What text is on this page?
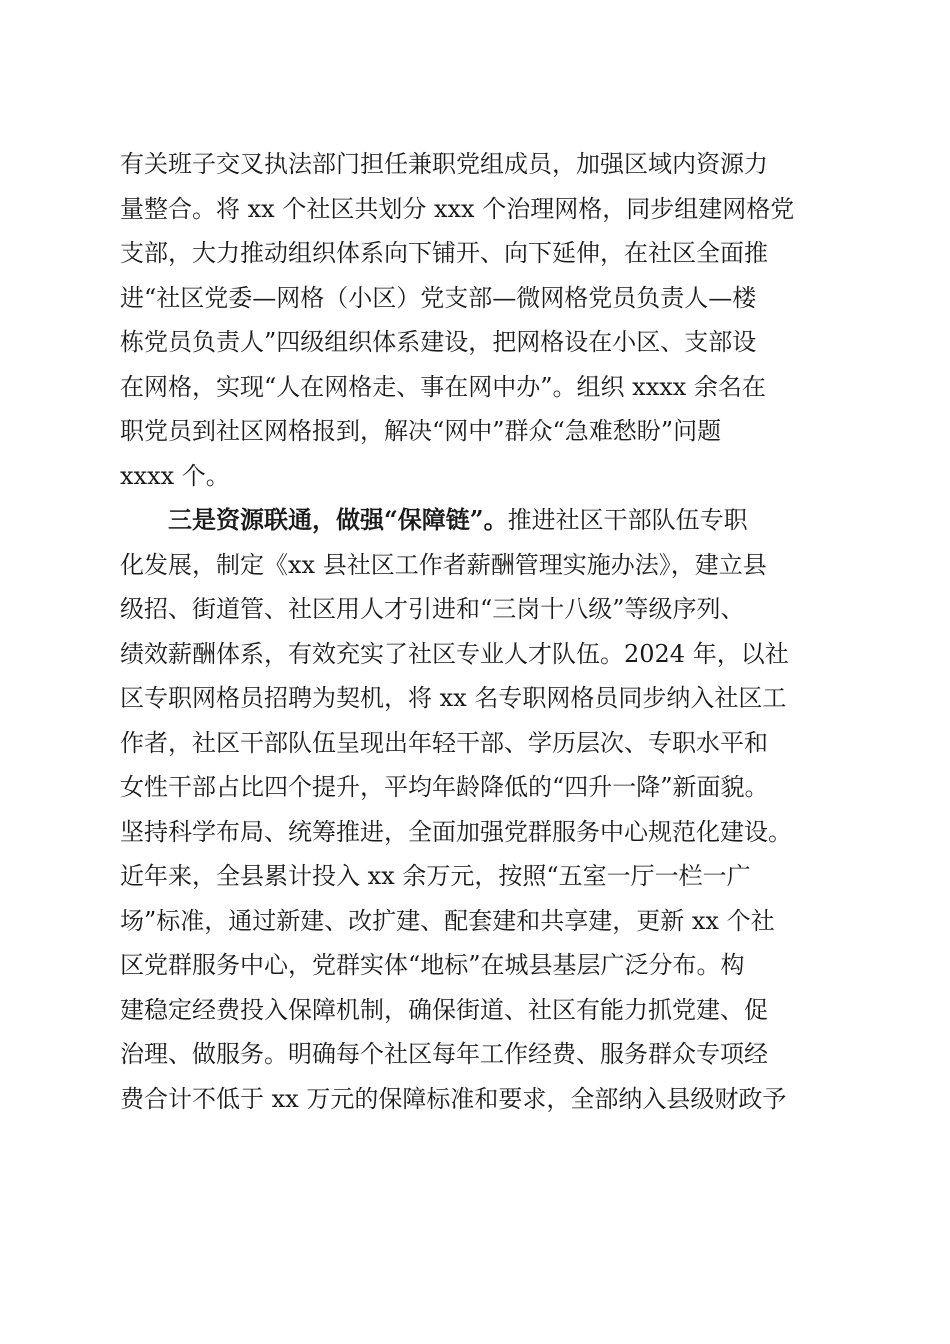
有关班子交叉执法部门担任兼职党组成员，加强区域内资源力
量整合。将 xx 个社区共划分 xxx 个治理网格，同步组建网格党
支部，大力推动组织体系向下铺开、向下延伸，在社区全面推
进“社区党委—网格（小区）党支部—微网格党员负责人—楼
栋党员负责人”四级组织体系建设，把网格设在小区、支部设
在网格，实现“人在网格走、事在网中办”。组织 xxxx 余名在
职党员到社区网格报到，解决“网中”群众“急难愁盼”问题
xxxx 个。
三是资源联通，做强“保障链”。推进社区干部队伍专职
化发展，制定《xx 县社区工作者薪酬管理实施办法》，建立县
级招、街道管、社区用人才引进和“三岗十八级”等级序列、
绩效薪酬体系，有效充实了社区专业人才队伍。2024 年，以社
区专职网格员招聘为契机，将 xx 名专职网格员同步纳入社区工
作者，社区干部队伍呈现出年轻干部、学历层次、专职水平和
女性干部占比四个提升，平均年龄降低的“四升一降”新面貌。
坚持科学布局、统筹推进，全面加强党群服务中心规范化建设。
近年来，全县累计投入 xx 余万元，按照“五室一厅一栏一广
场”标准，通过新建、改扩建、配套建和共享建，更新 xx 个社
区党群服务中心，党群实体“地标”在城县基层广泛分布。构
建稳定经费投入保障机制，确保街道、社区有能力抓党建、促
治理、做服务。明确每个社区每年工作经费、服务群众专项经
费合计不低于 xx 万元的保障标准和要求，全部纳入县级财政予
